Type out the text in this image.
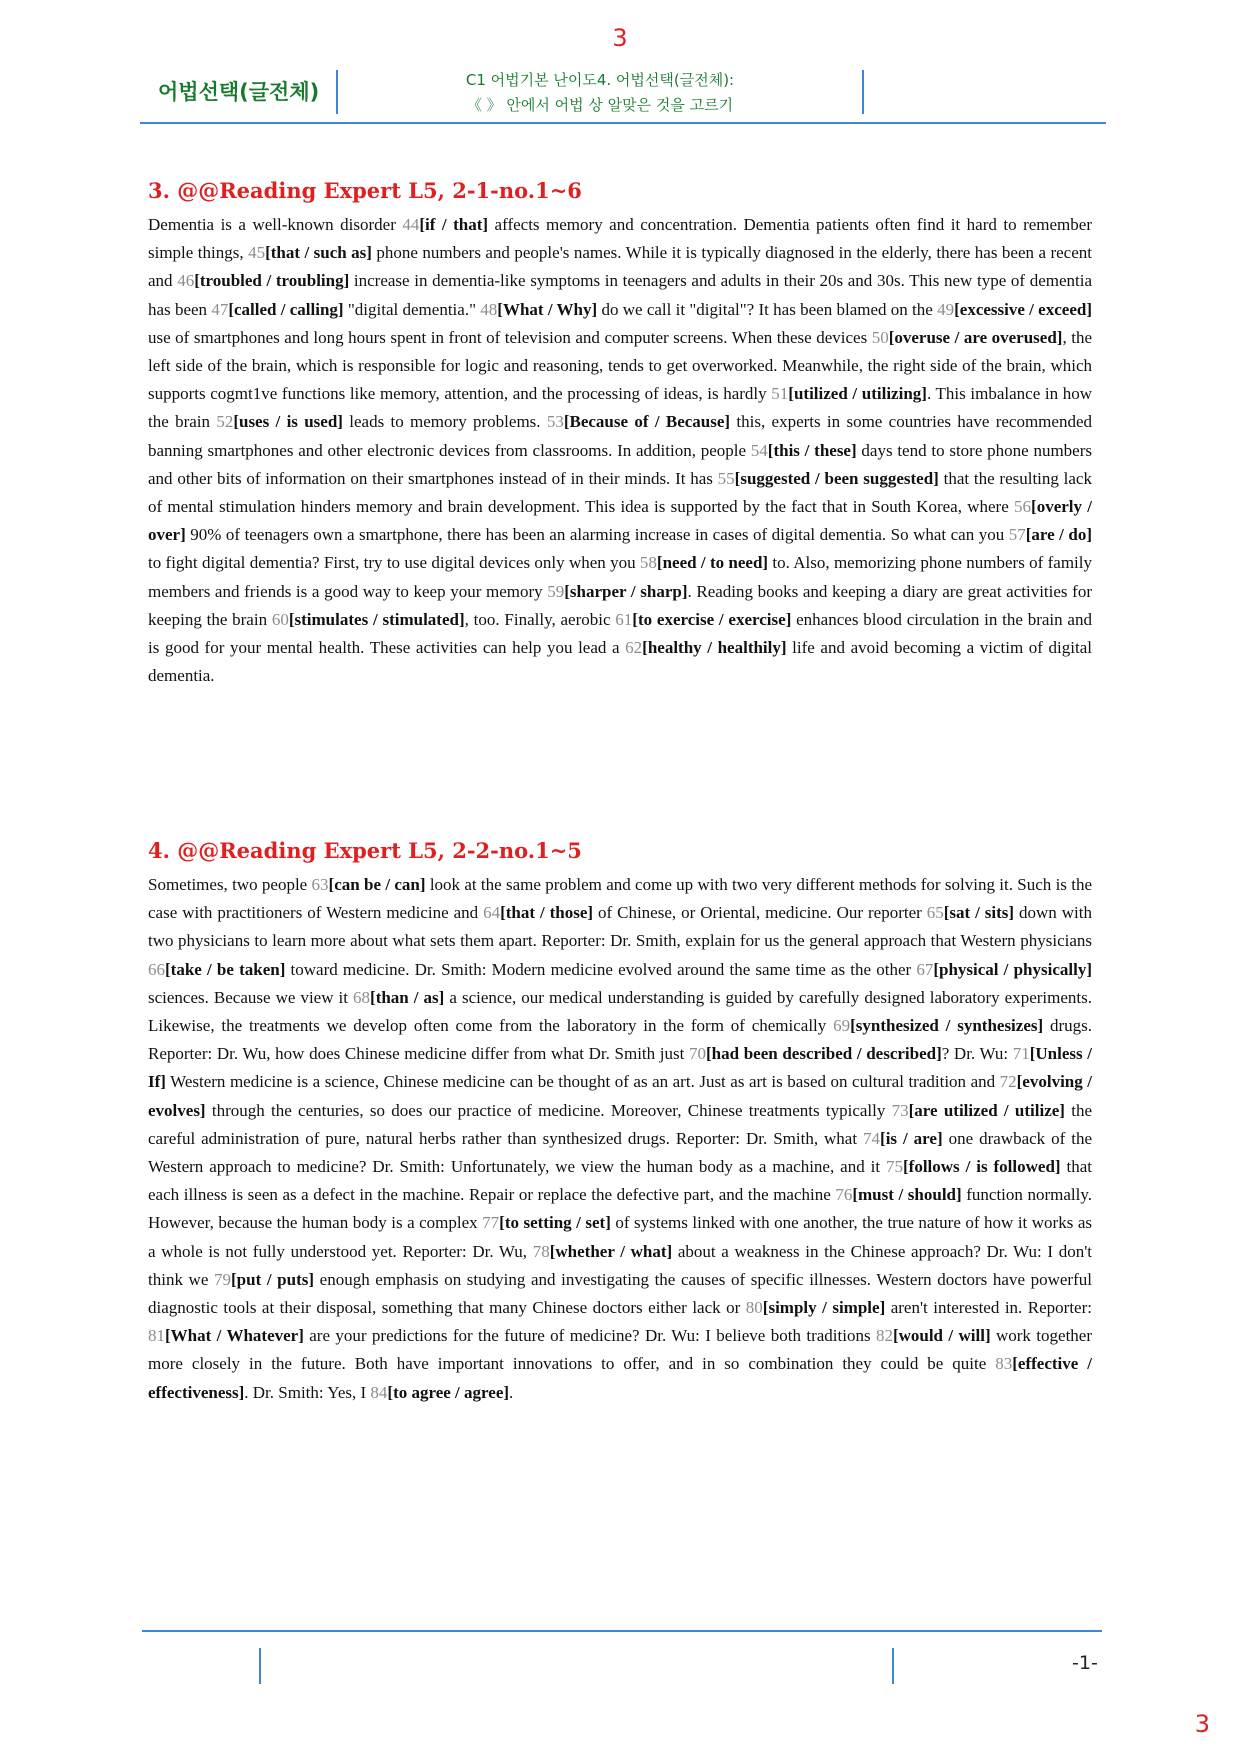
3
어법선택(글전체)	C1 어법기본 난이도4. 어법선택(글전체):
《 》 안에서 어법 상 알맞은 것을 고르기
3. @@Reading Expert L5, 2-1-no.1~6

Dementia is a well-known disorder 44[if / that] affects memory and concentration. Dementia patients often find it hard to remember simple things, 45[that / such as] phone numbers and people's names. While it is typically diagnosed in the elderly, there has been a recent and 46[troubled / troubling] increase in dementia-like symptoms in teenagers and adults in their 20s and 30s. This new type of dementia has been 47[called / calling] "digital dementia." 48[What / Why] do we call it "digital"? It has been blamed on the 49[excessive / exceed] use of smartphones and long hours spent in front of television and computer screens. When these devices 50[overuse / are overused], the left side of the brain, which is responsible for logic and reasoning, tends to get overworked. Meanwhile, the right side of the brain, which supports cogmt1ve functions like memory, attention, and the processing of ideas, is hardly 51[utilized / utilizing]. This imbalance in how the brain 52[uses / is used] leads to memory problems. 53[Because of / Because] this, experts in some countries have recommended banning smartphones and other electronic devices from classrooms. In addition, people 54[this / these] days tend to store phone numbers and other bits of information on their smartphones instead of in their minds. It has 55[suggested / been suggested] that the resulting lack of mental stimulation hinders memory and brain development. This idea is supported by the fact that in South Korea, where 56[overly / over] 90% of teenagers own a smartphone, there has been an alarming increase in cases of digital dementia. So what can you 57[are / do] to fight digital dementia? First, try to use digital devices only when you 58[need / to need] to. Also, memorizing phone numbers of family members and friends is a good way to keep your memory 59[sharper / sharp]. Reading books and keeping a diary are great activities for keeping the brain 60[stimulates / stimulated], too. Finally, aerobic 61[to exercise / exercise] enhances blood circulation in the brain and is good for your mental health. These activities can help you lead a 62[healthy / healthily] life and avoid becoming a victim of digital dementia.

4. @@Reading Expert L5, 2-2-no.1~5

Sometimes, two people 63[can be / can] look at the same problem and come up with two very different methods for solving it. Such is the case with practitioners of Western medicine and 64[that / those] of Chinese, or Oriental, medicine. Our reporter 65[sat / sits] down with two physicians to learn more about what sets them apart. Reporter: Dr. Smith, explain for us the general approach that Western physicians 66[take / be taken] toward medicine. Dr. Smith: Modern medicine evolved around the same time as the other 67[physical / physically] sciences. Because we view it 68[than / as] a science, our medical understanding is guided by carefully designed laboratory experiments. Likewise, the treatments we develop often come from the laboratory in the form of chemically 69[synthesized / synthesizes] drugs. Reporter: Dr. Wu, how does Chinese medicine differ from what Dr. Smith just 70[had been described / described]? Dr. Wu: 71[Unless / If] Western medicine is a science, Chinese medicine can be thought of as an art. Just as art is based on cultural tradition and 72[evolving / evolves] through the centuries, so does our practice of medicine. Moreover, Chinese treatments typically 73[are utilized / utilize] the careful administration of pure, natural herbs rather than synthesized drugs. Reporter: Dr. Smith, what 74[is / are] one drawback of the Western approach to medicine? Dr. Smith: Unfortunately, we view the human body as a machine, and it 75[follows / is followed] that each illness is seen as a defect in the machine. Repair or replace the defective part, and the machine 76[must / should] function normally. However, because the human body is a complex 77[to setting / set] of systems linked with one another, the true nature of how it works as a whole is not fully understood yet. Reporter: Dr. Wu, 78[whether / what] about a weakness in the Chinese approach? Dr. Wu: I don't think we 79[put / puts] enough emphasis on studying and investigating the causes of specific illnesses. Western doctors have powerful diagnostic tools at their disposal, something that many Chinese doctors either lack or 80[simply / simple] aren't interested in. Reporter: 81[What / Whatever] are your predictions for the future of medicine? Dr. Wu: I believe both traditions 82[would / will] work together more closely in the future. Both have important innovations to offer, and in so combination they could be quite 83[effective / effectiveness]. Dr. Smith: Yes, I 84[to agree / agree].

-1-
3
